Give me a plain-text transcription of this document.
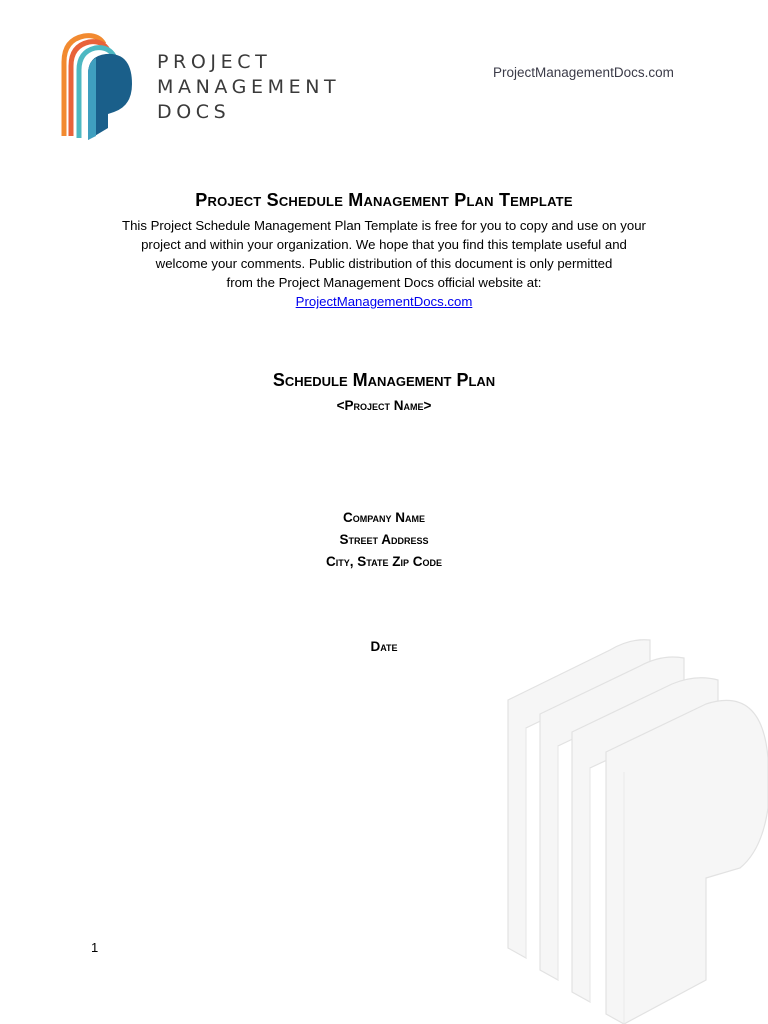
PROJECT
MANAGEMENT
DOCS
ProjectManagementDocs.com
Project Schedule Management Plan Template

This Project Schedule Management Plan Template is free for you to copy and use on your

project and within your organization. We hope that you find this template useful and

welcome your comments. Public distribution of this document is only permitted

from the Project Management Docs official website at:

ProjectManagementDocs.com

Schedule Management Plan
<Project Name>
Company Name
Street Address
City, State Zip Code
Date
1
